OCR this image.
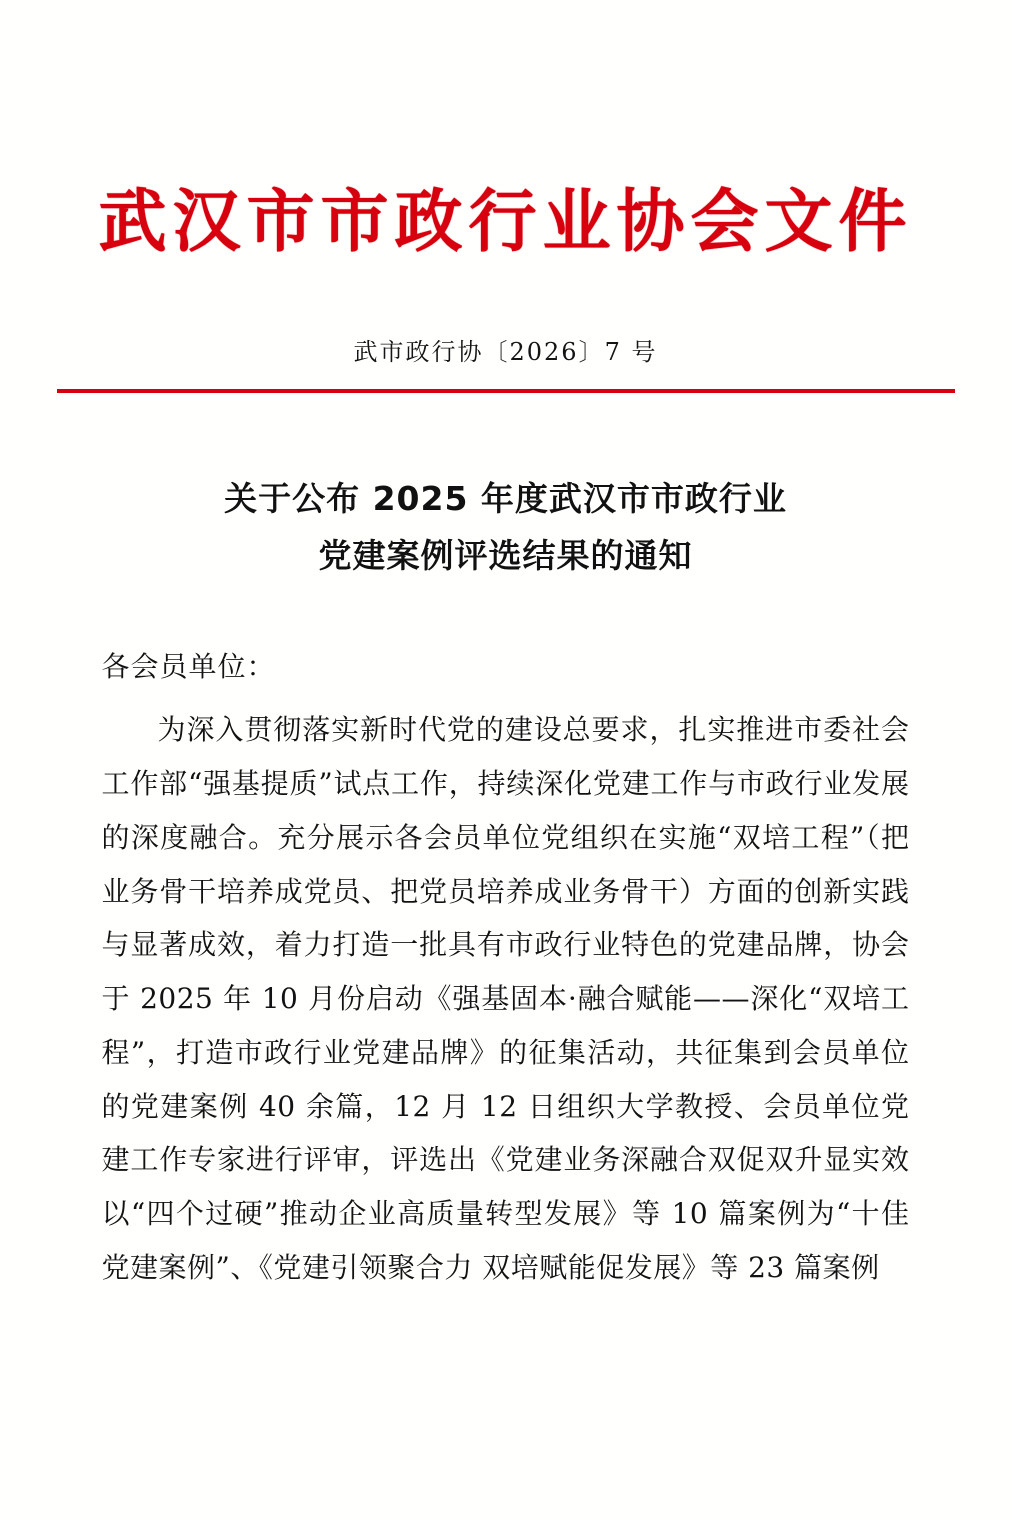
武汉市市政行业协会文件
武市政行协〔2026〕7 号
关于公布 2025 年度武汉市市政行业
党建案例评选结果的通知
各会员单位：
为深入贯彻落实新时代党的建设总要求，扎实推进市委社会工作部“强基提质”试点工作，持续深化党建工作与市政行业发展的深度融合。充分展示各会员单位党组织在实施“双培工程”（把业务骨干培养成党员、把党员培养成业务骨干）方面的创新实践与显著成效，着力打造一批具有市政行业特色的党建品牌，协会于 2025 年 10 月份启动《强基固本·融合赋能——深化“双培工程”，打造市政行业党建品牌》的征集活动，共征集到会员单位的党建案例 40 余篇，12 月 12 日组织大学教授、会员单位党建工作专家进行评审，评选出《党建业务深融合双促双升显实效 以“四个过硬”推动企业高质量转型发展》等 10 篇案例为“十佳党建案例”、《党建引领聚合力 双培赋能促发展》等 23 篇案例
